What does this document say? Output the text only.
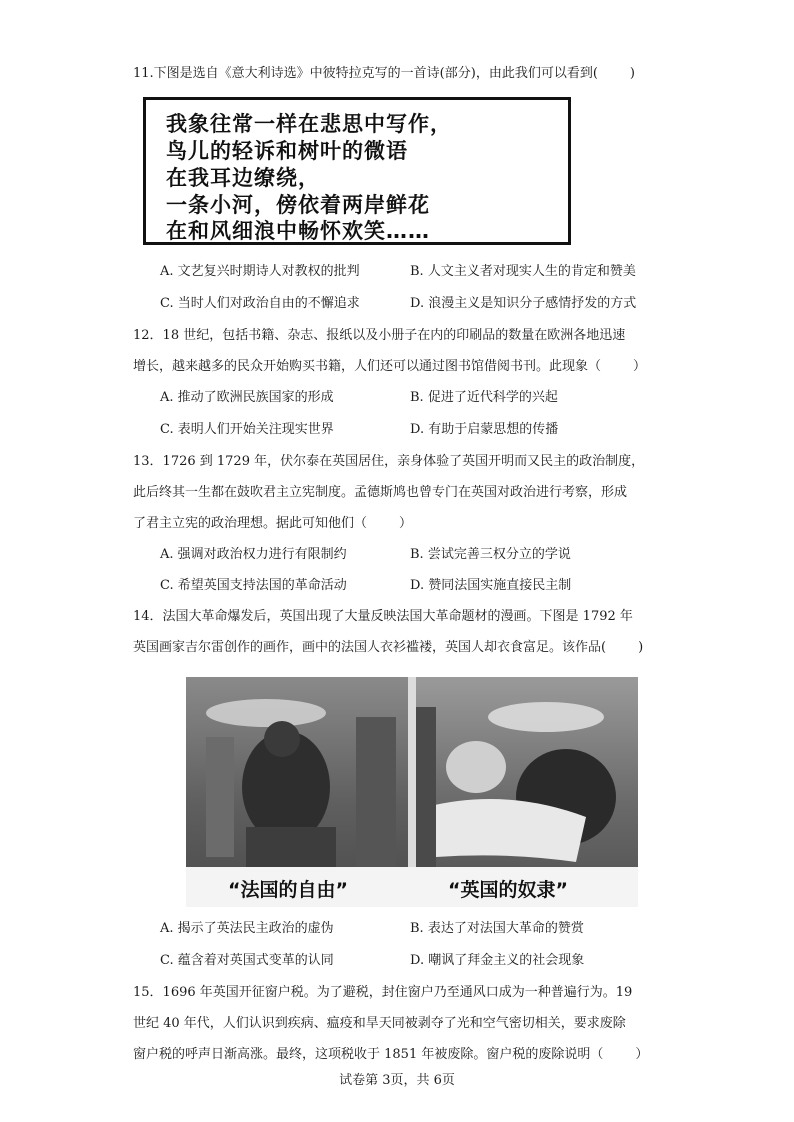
11.下图是选自《意大利诗选》中彼特拉克写的一首诗(部分)，由此我们可以看到( )
我象往常一样在悲思中写作，
鸟儿的轻诉和树叶的微语
在我耳边缭绕，
一条小河，傍依着两岸鲜花
在和风细浪中畅怀欢笑……
A. 文艺复兴时期诗人对教权的批判	B. 人文主义者对现实人生的肯定和赞美
C. 当时人们对政治自由的不懈追求	D. 浪漫主义是知识分子感情抒发的方式
12．18 世纪，包括书籍、杂志、报纸以及小册子在内的印刷品的数量在欧洲各地迅速
增长，越来越多的民众开始购买书籍，人们还可以通过图书馆借阅书刊。此现象（ ）
A. 推动了欧洲民族国家的形成	B. 促进了近代科学的兴起
C. 表明人们开始关注现实世界	D. 有助于启蒙思想的传播
13．1726 到 1729 年，伏尔泰在英国居住，亲身体验了英国开明而又民主的政治制度，
此后终其一生都在鼓吹君主立宪制度。孟德斯鸠也曾专门在英国对政治进行考察，形成
了君主立宪的政治理想。据此可知他们（ ）
A. 强调对政治权力进行有限制约	B. 尝试完善三权分立的学说
C. 希望英国支持法国的革命活动	D. 赞同法国实施直接民主制
14．法国大革命爆发后，英国出现了大量反映法国大革命题材的漫画。下图是 1792 年
英国画家吉尔雷创作的画作，画中的法国人衣衫褴褛，英国人却衣食富足。该作品( )
“法国的自由”	“英国的奴隶”
A. 揭示了英法民主政治的虚伪	B. 表达了对法国大革命的赞赏
C. 蕴含着对英国式变革的认同	D. 嘲讽了拜金主义的社会现象
15．1696 年英国开征窗户税。为了避税，封住窗户乃至通风口成为一种普遍行为。19
世纪 40 年代，人们认识到疾病、瘟疫和旱天同被剥夺了光和空气密切相关，要求废除
窗户税的呼声日渐高涨。最终，这项税收于 1851 年被废除。窗户税的废除说明（ ）
试卷第 3页，共 6页
